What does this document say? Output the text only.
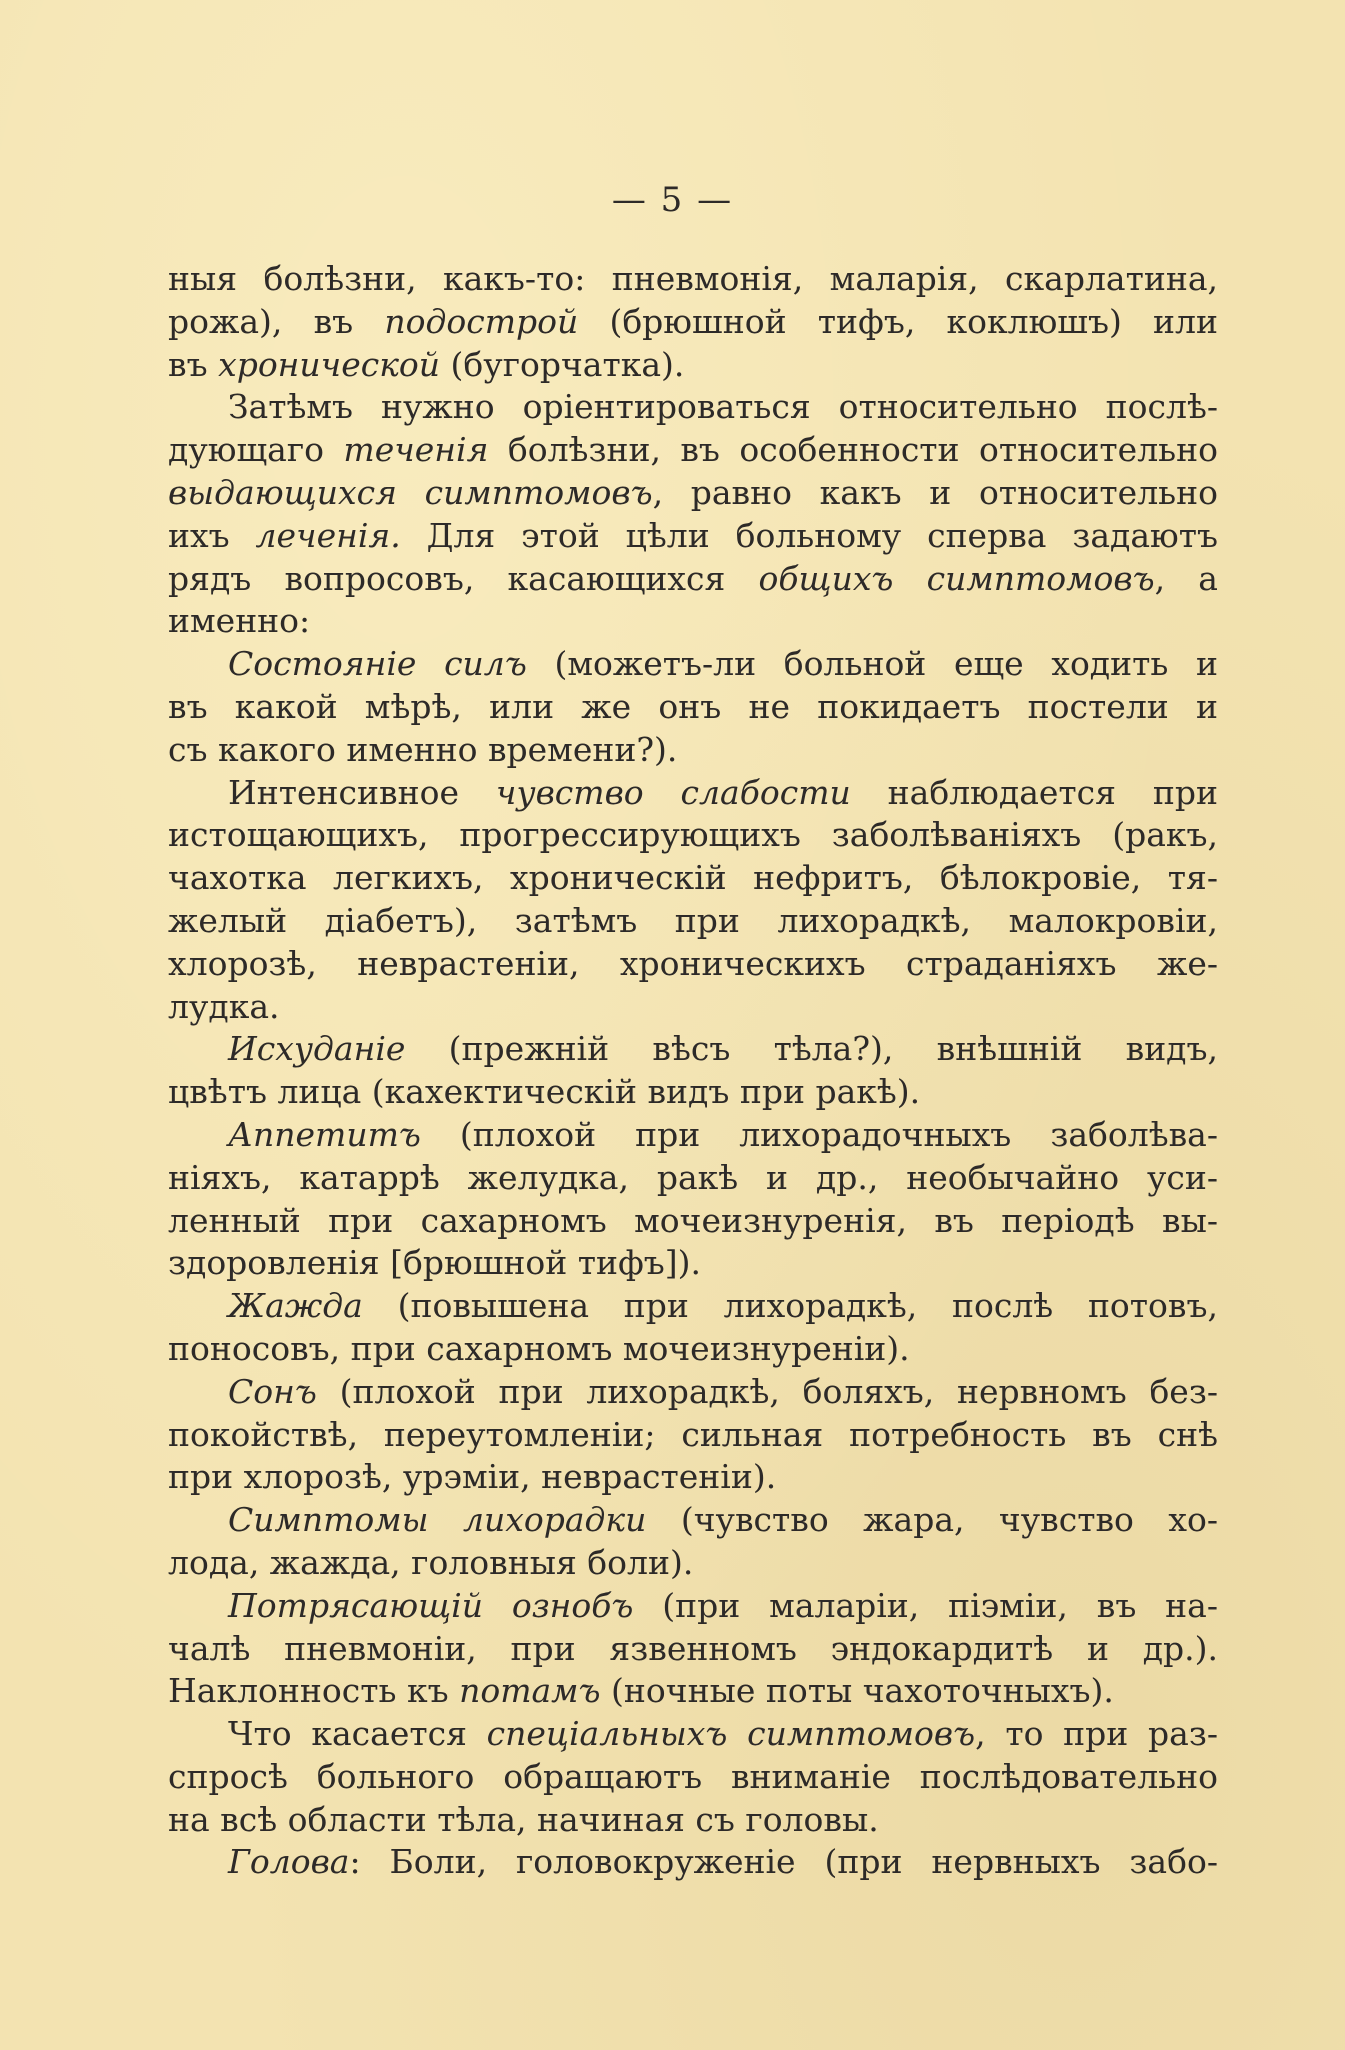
— 5 —
ныя болѣзни, какъ-то: пневмонія, маларія, скарлатина,
рожа), въ подострой (брюшной тифъ, коклюшъ) или
въ хронической (бугорчатка).
Затѣмъ нужно оріентироваться относительно послѣ-
дующаго теченія болѣзни, въ особенности относительно
выдающихся симптомовъ, равно какъ и относительно
ихъ леченія. Для этой цѣли больному сперва задаютъ
рядъ вопросовъ, касающихся общихъ симптомовъ, а
именно:
Состояніе силъ (можетъ-ли больной еще ходить и
въ какой мѣрѣ, или же онъ не покидаетъ постели и
съ какого именно времени?).
Интенсивное чувство слабости наблюдается при
истощающихъ, прогрессирующихъ заболѣваніяхъ (ракъ,
чахотка легкихъ, хроническій нефритъ, бѣлокровіе, тя-
желый діабетъ), затѣмъ при лихорадкѣ, малокровіи,
хлорозѣ, неврастеніи, хроническихъ страданіяхъ же-
лудка.
Исхуданіе (прежній вѣсъ тѣла?), внѣшній видъ,
цвѣтъ лица (кахектическій видъ при ракѣ).
Аппетитъ (плохой при лихорадочныхъ заболѣва-
ніяхъ, катаррѣ желудка, ракѣ и др., необычайно уси-
ленный при сахарномъ мочеизнуренія, въ періодѣ вы-
здоровленія [брюшной тифъ]).
Жажда (повышена при лихорадкѣ, послѣ потовъ,
поносовъ, при сахарномъ мочеизнуреніи).
Сонъ (плохой при лихорадкѣ, боляхъ, нервномъ без-
покойствѣ, переутомленіи; сильная потребность въ снѣ
при хлорозѣ, урэміи, неврастеніи).
Симптомы лихорадки (чувство жара, чувство хо-
лода, жажда, головныя боли).
Потрясающій ознобъ (при маларіи, піэміи, въ на-
чалѣ пневмоніи, при язвенномъ эндокардитѣ и др.).
Наклонность къ потамъ (ночные поты чахоточныхъ).
Что касается спеціальныхъ симптомовъ, то при раз-
спросѣ больного обращаютъ вниманіе послѣдовательно
на всѣ области тѣла, начиная съ головы.
Голова: Боли, головокруженіе (при нервныхъ забо-
